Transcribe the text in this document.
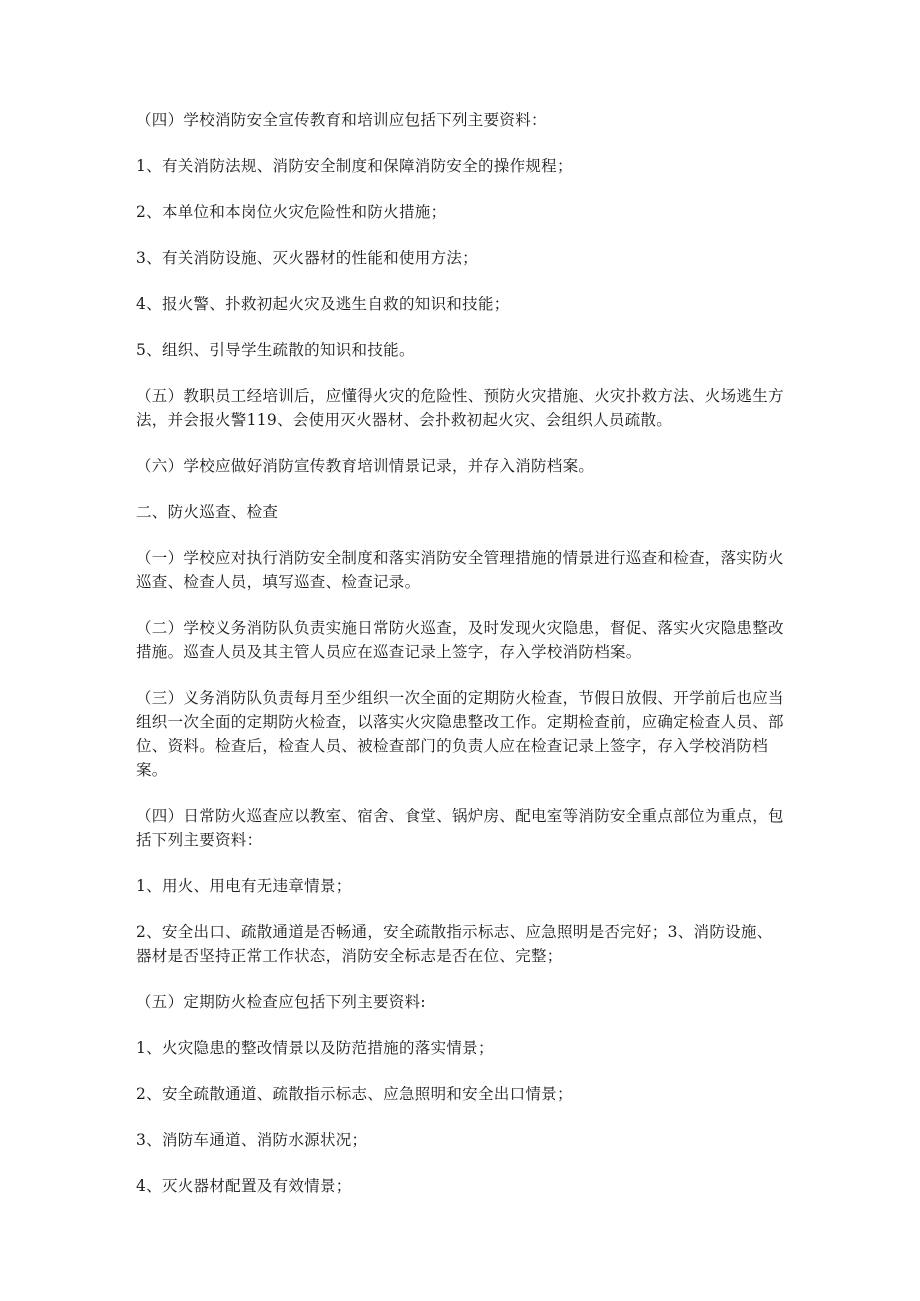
（四）学校消防安全宣传教育和培训应包括下列主要资料：

1、有关消防法规、消防安全制度和保障消防安全的操作规程；

2、本单位和本岗位火灾危险性和防火措施；

3、有关消防设施、灭火器材的性能和使用方法；

4、报火警、扑救初起火灾及逃生自救的知识和技能；

5、组织、引导学生疏散的知识和技能。

（五）教职员工经培训后，应懂得火灾的危险性、预防火灾措施、火灾扑救方法、火场逃生方法，并会报火警119、会使用灭火器材、会扑救初起火灾、会组织人员疏散。

（六）学校应做好消防宣传教育培训情景记录，并存入消防档案。

二、防火巡查、检查

（一）学校应对执行消防安全制度和落实消防安全管理措施的情景进行巡查和检查，落实防火巡查、检查人员，填写巡查、检查记录。

（二）学校义务消防队负责实施日常防火巡查，及时发现火灾隐患，督促、落实火灾隐患整改措施。巡查人员及其主管人员应在巡查记录上签字，存入学校消防档案。

（三）义务消防队负责每月至少组织一次全面的定期防火检查，节假日放假、开学前后也应当组织一次全面的定期防火检查，以落实火灾隐患整改工作。定期检查前，应确定检查人员、部位、资料。检查后，检查人员、被检查部门的负责人应在检查记录上签字，存入学校消防档案。

（四）日常防火巡查应以教室、宿舍、食堂、锅炉房、配电室等消防安全重点部位为重点，包括下列主要资料：

1、用火、用电有无违章情景；

2、安全出口、疏散通道是否畅通，安全疏散指示标志、应急照明是否完好；3、消防设施、器材是否坚持正常工作状态，消防安全标志是否在位、完整；

（五）定期防火检查应包括下列主要资料:

1、火灾隐患的整改情景以及防范措施的落实情景；

2、安全疏散通道、疏散指示标志、应急照明和安全出口情景；

3、消防车通道、消防水源状况；

4、灭火器材配置及有效情景；
